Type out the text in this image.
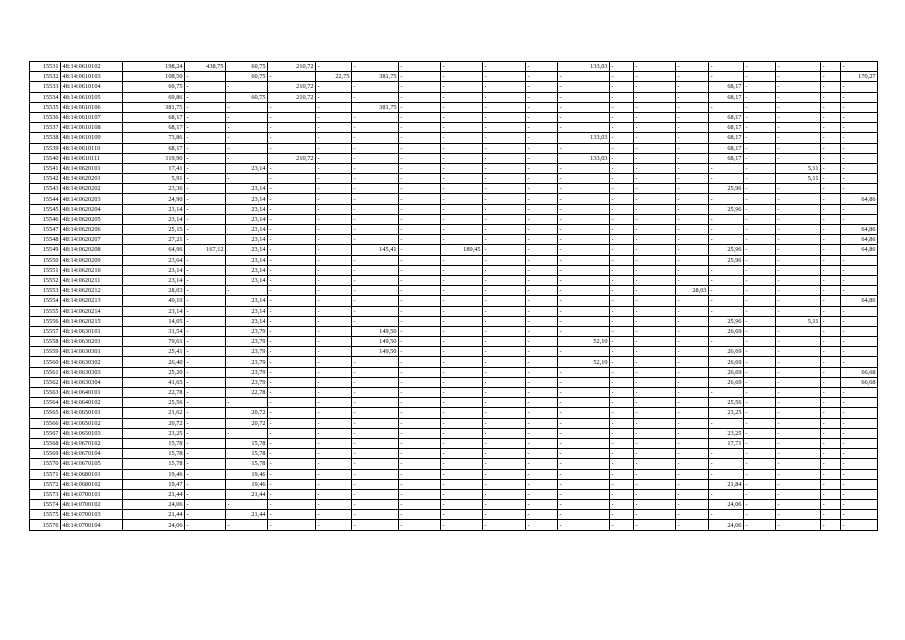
15531	48:14:0610102	198,24	438,75	60,75	210,72	-	-	-	-	-	-	133,03	-	-	-	-	-	-	-	-
15532	48:14:0610103	108,50	-	60,75	-	22,75	381,75	-	-	-	-	-	-	-	-	-	-	-	-	170,27
15533	48:14:0610104	69,75	-	-	210,72	-	-	-	-	-	-	-	-	-	-	68,17	-	-	-	-
15534	48:14:0610105	69,86	-	60,75	210,72	-	-	-	-	-	-	-	-	-	-	68,17	-	-	-	-
15535	48:14:0610106	381,75	-	-	-	-	381,75	-	-	-	-	-	-	-	-	-	-	-	-	-
15536	48:14:0610107	68,17	-	-	-	-	-	-	-	-	-	-	-	-	-	68,17	-	-	-	-
15537	48:14:0610108	68,17	-	-	-	-	-	-	-	-	-	-	-	-	-	68,17	-	-	-	-
15538	48:14:0610109	73,86	-	-	-	-	-	-	-	-	-	133,03	-	-	-	68,17	-	-	-	-
15539	48:14:0610110	68,17	-	-	-	-	-	-	-	-	-	-	-	-	-	68,17	-	-	-	-
15540	48:14:0610111	119,90	-	-	210,72	-	-	-	-	-	-	133,03	-	-	-	68,17	-	-	-	-
15541	48:14:0620101	17,41	-	23,14	-	-	-	-	-	-	-	-	-	-	-	-	-	5,11	-	-
15542	48:14:0620201	5,91	-	-	-	-	-	-	-	-	-	-	-	-	-	-	-	5,11	-	-
15543	48:14:0620202	23,36	-	23,14	-	-	-	-	-	-	-	-	-	-	-	25,96	-	-	-	-
15544	48:14:0620203	24,90	-	23,14	-	-	-	-	-	-	-	-	-	-	-	-	-	-	-	64,86
15545	48:14:0620204	23,14	-	23,14	-	-	-	-	-	-	-	-	-	-	-	25,96	-	-	-	-
15546	48:14:0620205	23,14	-	23,14	-	-	-	-	-	-	-	-	-	-	-	-	-	-	-	-
15547	48:14:0620206	25,15	-	23,14	-	-	-	-	-	-	-	-	-	-	-	-	-	-	-	64,86
15548	48:14:0620207	27,21	-	23,14	-	-	-	-	-	-	-	-	-	-	-	-	-	-	-	64,86
15549	48:14:0620208	64,96	167,12	23,14	-	-	145,41	-	189,45	-	-	-	-	-	-	25,96	-	-	-	64,86
15550	48:14:0620209	23,64	-	23,14	-	-	-	-	-	-	-	-	-	-	-	25,96	-	-	-	-
15551	48:14:0620210	23,14	-	23,14	-	-	-	-	-	-	-	-	-	-	-	-	-	-	-	-
15552	48:14:0620211	23,14	-	23,14	-	-	-	-	-	-	-	-	-	-	-	-	-	-	-	-
15553	48:14:0620212	28,03	-	-	-	-	-	-	-	-	-	-	-	-	28,03	-	-	-	-	-
15554	48:14:0620213	49,19	-	23,14	-	-	-	-	-	-	-	-	-	-	-	-	-	-	-	64,86
15555	48:14:0620214	23,14	-	23,14	-	-	-	-	-	-	-	-	-	-	-	-	-	-	-	-
15556	48:14:0620215	14,05	-	23,14	-	-	-	-	-	-	-	-	-	-	-	25,96	-	5,11	-	-
15557	48:14:0630101	31,54	-	23,79	-	-	149,50	-	-	-	-	-	-	-	-	26,69	-	-	-	-
15558	48:14:0630201	79,61	-	23,79	-	-	149,50	-	-	-	-	52,10	-	-	-	-	-	-	-	-
15559	48:14:0630301	25,41	-	23,79	-	-	149,50	-	-	-	-	-	-	-	-	26,69	-	-	-	-
15560	48:14:0630302	26,40	-	23,79	-	-	-	-	-	-	-	52,10	-	-	-	26,69	-	-	-	-
15561	48:14:0630303	25,20	-	23,79	-	-	-	-	-	-	-	-	-	-	-	26,69	-	-	-	66,68
15562	48:14:0630304	41,65	-	23,79	-	-	-	-	-	-	-	-	-	-	-	26,69	-	-	-	66,68
15563	48:14:0640101	22,78	-	22,78	-	-	-	-	-	-	-	-	-	-	-	-	-	-	-	-
15564	48:14:0640102	25,56	-	-	-	-	-	-	-	-	-	-	-	-	-	25,56	-	-	-	-
15565	48:14:0650101	21,62	-	20,72	-	-	-	-	-	-	-	-	-	-	-	23,25	-	-	-	-
15566	48:14:0650102	20,72	-	20,72	-	-	-	-	-	-	-	-	-	-	-	-	-	-	-	-
15567	48:14:0650103	23,25	-	-	-	-	-	-	-	-	-	-	-	-	-	23,25	-	-	-	-
15568	48:14:0670102	15,78	-	15,78	-	-	-	-	-	-	-	-	-	-	-	17,71	-	-	-	-
15569	48:14:0670104	15,78	-	15,78	-	-	-	-	-	-	-	-	-	-	-	-	-	-	-	-
15570	48:14:0670105	15,78	-	15,78	-	-	-	-	-	-	-	-	-	-	-	-	-	-	-	-
15571	48:14:0680101	19,46	-	19,46	-	-	-	-	-	-	-	-	-	-	-	-	-	-	-	-
15572	48:14:0680102	19,47	-	19,46	-	-	-	-	-	-	-	-	-	-	-	21,84	-	-	-	-
15573	48:14:0700101	21,44	-	21,44	-	-	-	-	-	-	-	-	-	-	-	-	-	-	-	-
15574	48:14:0700102	24,06	-	-	-	-	-	-	-	-	-	-	-	-	-	24,06	-	-	-	-
15575	48:14:0700103	21,44	-	21,44	-	-	-	-	-	-	-	-	-	-	-	-	-	-	-	-
15576	48:14:0700104	24,06	-	-	-	-	-	-	-	-	-	-	-	-	-	24,06	-	-	-	-
